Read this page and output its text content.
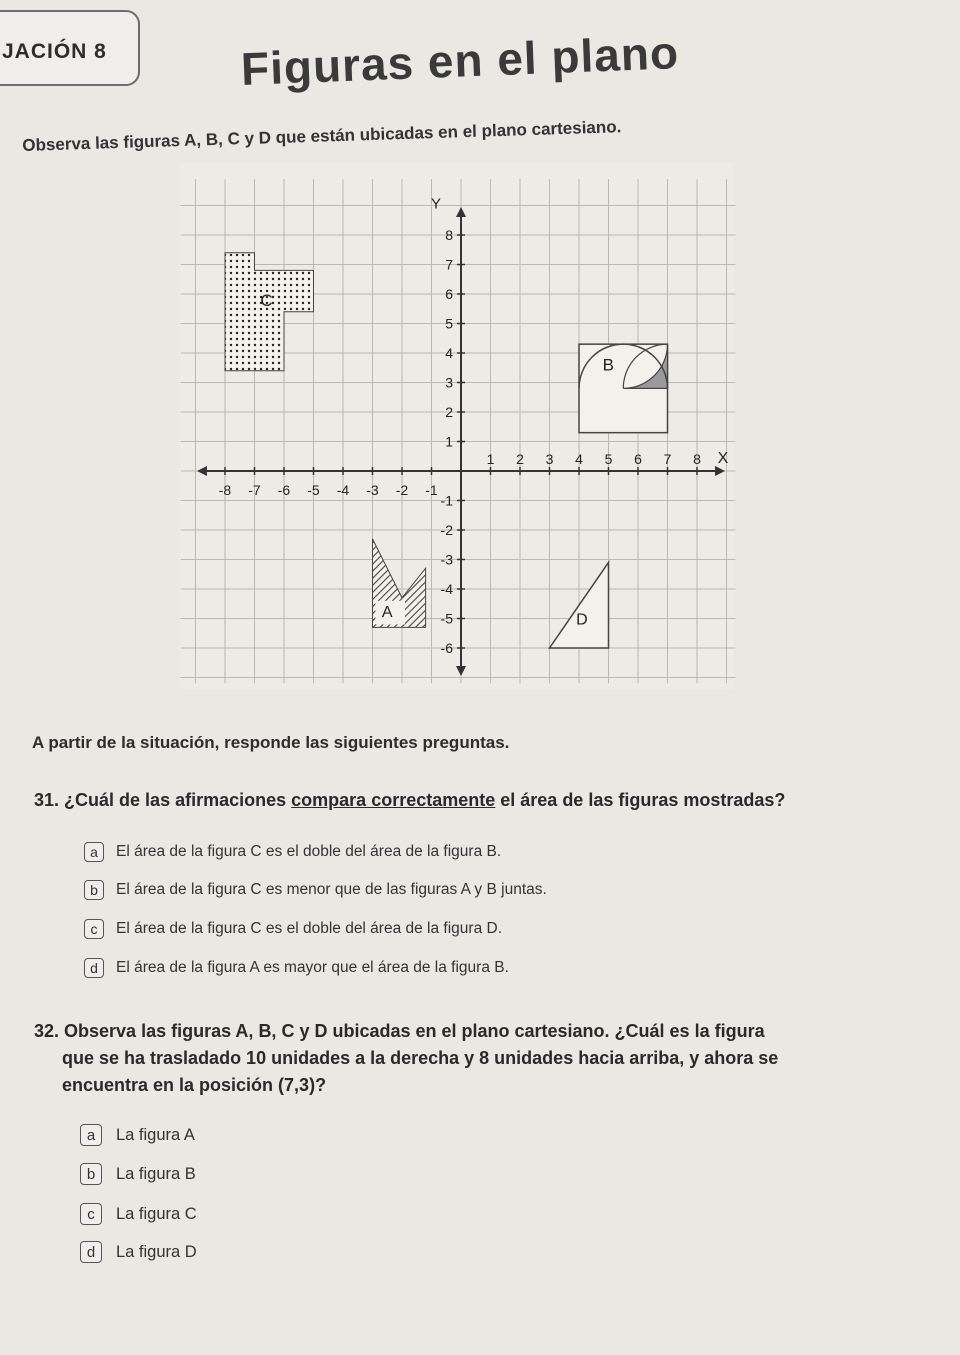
JACIÓN 8	Figuras en el plano
Observa las figuras A, B, C y D que están ubicadas en el plano cartesiano.
-8 -7 -6 -5 -4 -3 -2 -1
1 2 3 4 5 6 7 8
8
7
6
5
4
3
2
1
-1
-2
-3
-4
-5
-6
X
Y
C
B
A	D
A partir de la situación, responde las siguientes preguntas.
31. ¿Cuál de las afirmaciones compara correctamente el área de las figuras mostradas?
a	El área de la figura C es el doble del área de la figura B.
b	El área de la figura C es menor que de las figuras A y B juntas.
c	El área de la figura C es el doble del área de la figura D.
d	El área de la figura A es mayor que el área de la figura B.
32. Observa las figuras A, B, C y D ubicadas en el plano cartesiano. ¿Cuál es la figura
que se ha trasladado 10 unidades a la derecha y 8 unidades hacia arriba, y ahora se
encuentra en la posición (7,3)?
a	La figura A
b	La figura B
c	La figura C
d	La figura D
